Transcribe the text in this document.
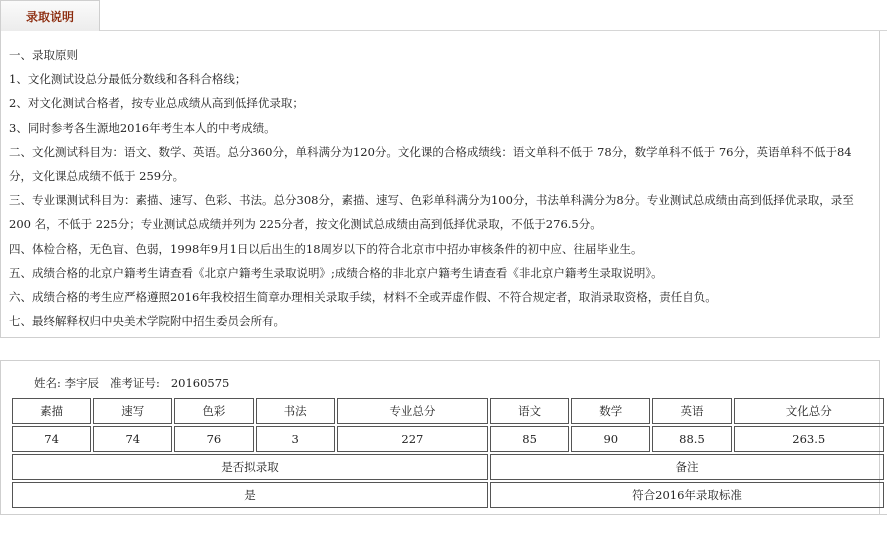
录取说明

一、录取原则

1、文化测试设总分最低分数线和各科合格线；

2、对文化测试合格者，按专业总成绩从高到低择优录取；

3、同时参考各生源地2016年考生本人的中考成绩。

二、文化测试科目为：语文、数学、英语。总分360分，单科满分为120分。文化课的合格成绩线：语文单科不低于 78分，数学单科不低于 76分，英语单科不低于84分，文化课总成绩不低于 259分。

三、专业课测试科目为：素描、速写、色彩、书法。总分308分，素描、速写、色彩单科满分为100分，书法单科满分为8分。专业测试总成绩由高到低择优录取，录至 200 名，不低于 225分；专业测试总成绩并列为 225分者，按文化测试总成绩由高到低择优录取，不低于276.5分。

四、体检合格，无色盲、色弱，1998年9月1日以后出生的18周岁以下的符合北京市中招办审核条件的初中应、往届毕业生。

五、成绩合格的北京户籍考生请查看《北京户籍考生录取说明》;成绩合格的非北京户籍考生请查看《非北京户籍考生录取说明》。

六、成绩合格的考生应严格遵照2016年我校招生简章办理相关录取手续，材料不全或弄虚作假、不符合规定者，取消录取资格，责任自负。

七、最终解释权归中央美术学院附中招生委员会所有。

姓名: 李宇辰 准考证号: 20160575
素描	速写	色彩	书法	专业总分	语文	数学	英语	文化总分
74	74	76	3	227	85	90	88.5	263.5
是否拟录取					备注			
是					符合2016年录取标准			
